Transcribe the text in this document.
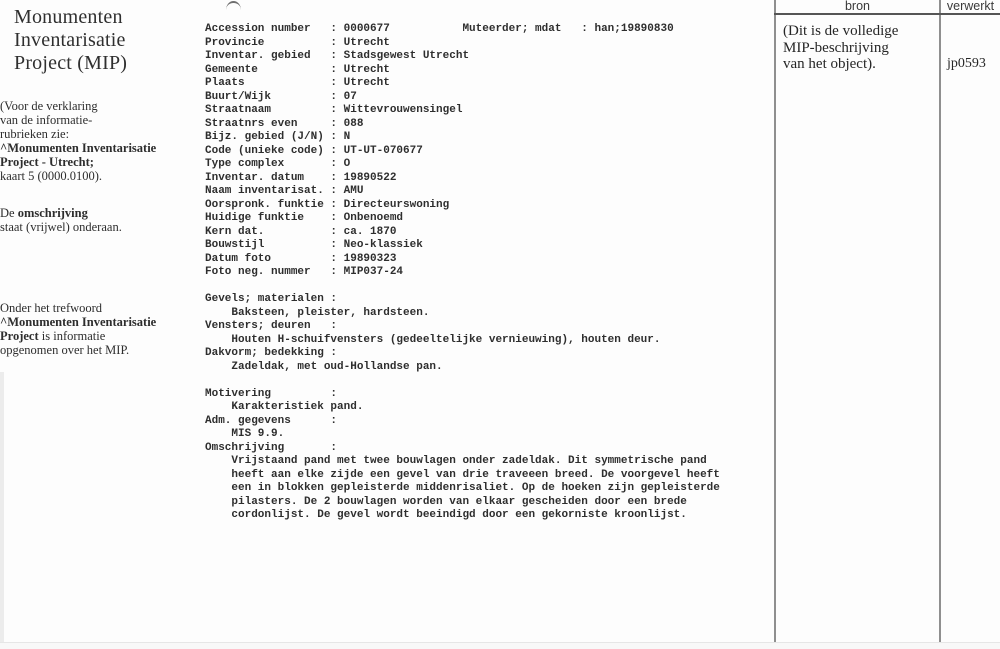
Monumenten
Inventarisatie
Project (MIP)
(Voor de verklaring
van de informatie-
rubrieken zie:
^Monumenten Inventarisatie
Project - Utrecht;
kaart 5 (0000.0100).
De omschrijving
staat (vrijwel) onderaan.
Onder het trefwoord
^Monumenten Inventarisatie
Project is informatie
opgenomen over het MIP.
Accession number   : 0000677           Muteerder; mdat   : han;19890830
Provincie          : Utrecht
Inventar. gebied   : Stadsgewest Utrecht
Gemeente           : Utrecht
Plaats             : Utrecht
Buurt/Wijk         : 07
Straatnaam         : Wittevrouwensingel
Straatnrs even     : 088
Bijz. gebied (J/N) : N
Code (unieke code) : UT-UT-070677
Type complex       : O
Inventar. datum    : 19890522
Naam inventarisat. : AMU
Oorspronk. funktie : Directeurswoning
Huidige funktie    : Onbenoemd
Kern dat.          : ca. 1870
Bouwstijl          : Neo-klassiek
Datum foto         : 19890323
Foto neg. nummer   : MIP037-24
Gevels; materialen :
Baksteen, pleister, hardsteen.
Vensters; deuren   :
Houten H-schuifvensters (gedeeltelijke vernieuwing), houten deur.
Dakvorm; bedekking :
Zadeldak, met oud-Hollandse pan.
Motivering         :
Karakteristiek pand.
Adm. gegevens      :
MIS 9.9.
Omschrijving       :
Vrijstaand pand met twee bouwlagen onder zadeldak. Dit symmetrische pand
heeft aan elke zijde een gevel van drie traveeen breed. De voorgevel heeft
een in blokken gepleisterde middenrisaliet. Op de hoeken zijn gepleisterde
pilasters. De 2 bouwlagen worden van elkaar gescheiden door een brede
cordonlijst. De gevel wordt beeindigd door een gekorniste kroonlijst.
bron	verwerkt
(Dit is de volledige
MIP-beschrijving
van het object).	jp0593
